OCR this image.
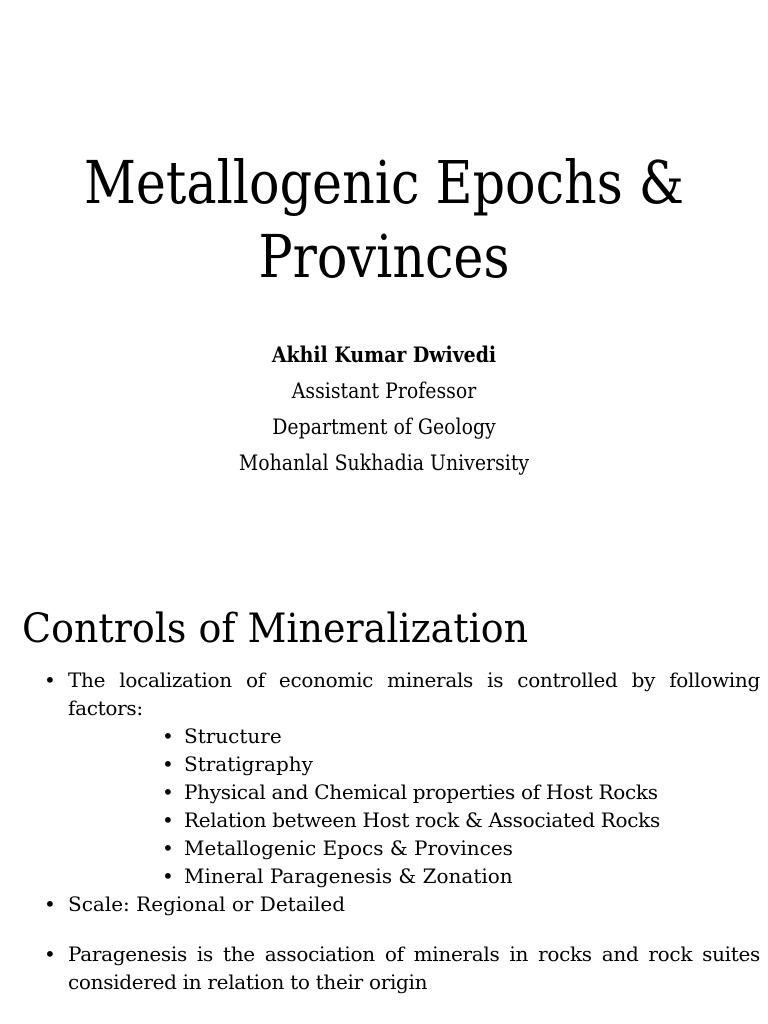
Metallogenic Epochs &
Provinces
Akhil Kumar Dwivedi
Assistant Professor
Department of Geology
Mohanlal Sukhadia University
Controls of Mineralization
• The localization of economic minerals is controlled by following factors:
• Structure
• Stratigraphy
• Physical and Chemical properties of Host Rocks
• Relation between Host rock & Associated Rocks
• Metallogenic Epocs & Provinces
• Mineral Paragenesis & Zonation
• Scale: Regional or Detailed
• Paragenesis is the association of minerals in rocks and rock suites considered in relation to their origin
